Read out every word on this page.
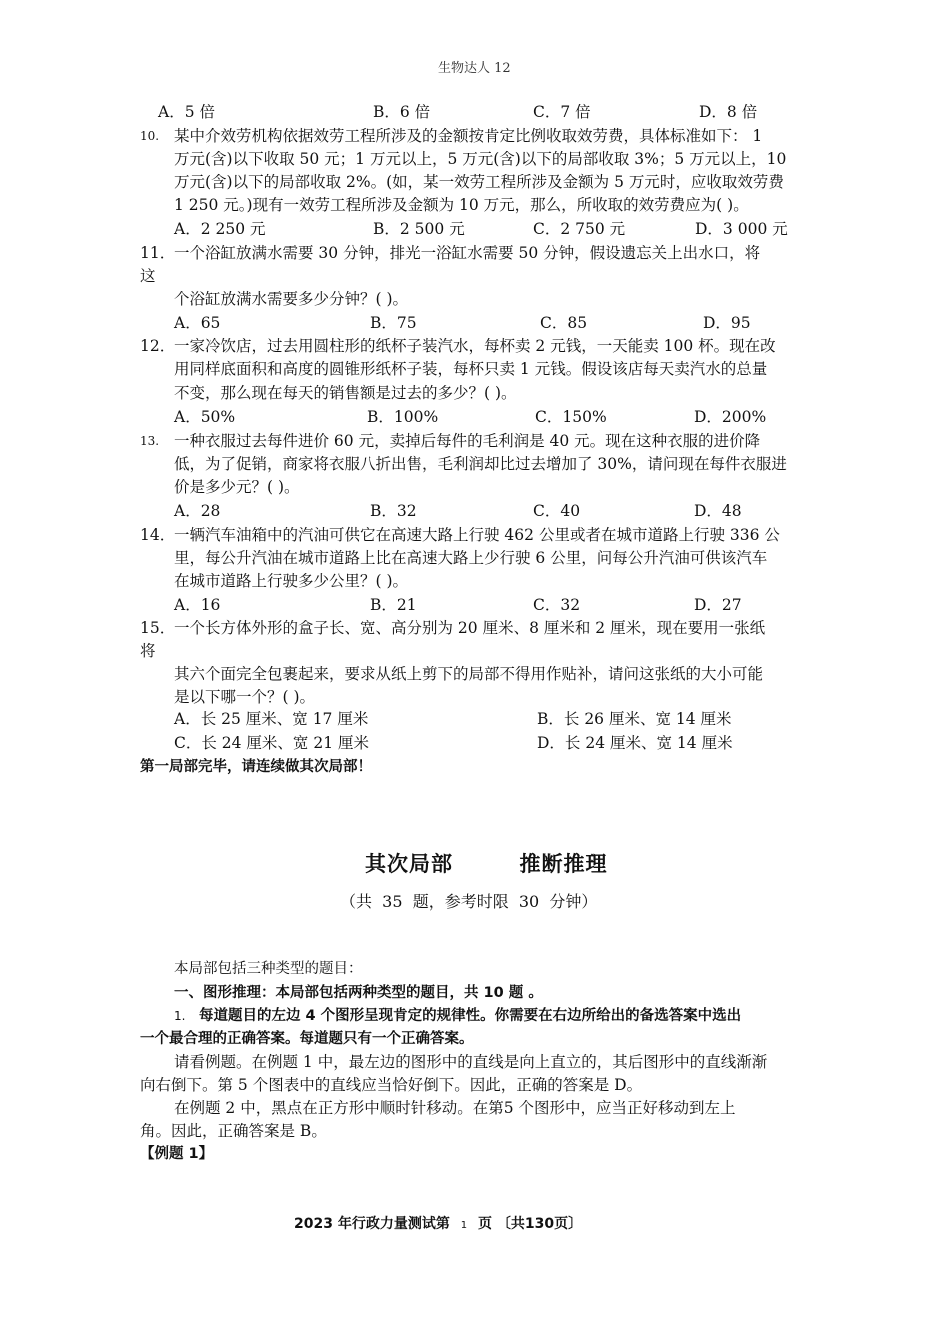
生物达人 12
A．5 倍	B．6 倍	C．7 倍	D．8 倍
10. 某中介效劳机构依据效劳工程所涉及的金额按肯定比例收取效劳费，具体标准如下： 1
万元(含)以下收取 50 元；1 万元以上，5 万元(含)以下的局部收取 3%；5 万元以上，10
万元(含)以下的局部收取 2%。(如，某一效劳工程所涉及金额为 5 万元时，应收取效劳费
1 250 元。)现有一效劳工程所涉及金额为 10 万元，那么，所收取的效劳费应为( )。
A．2 250 元	B．2 500 元	C．2 750 元	D．3 000 元
11．
一个浴缸放满水需要 30 分钟，排光一浴缸水需要 50 分钟，假设遗忘关上出水口，将
这
个浴缸放满水需要多少分钟？( )。
A．65	B．75	C．85	D．95
12．
一家冷饮店，过去用圆柱形的纸杯子装汽水，每杯卖 2 元钱，一天能卖 100 杯。现在改
用同样底面积和高度的圆锥形纸杯子装，每杯只卖 1 元钱。假设该店每天卖汽水的总量
不变，那么现在每天的销售额是过去的多少？( )。
A．50%	B．100%	C．150%	D．200%
13. 一种衣服过去每件进价 60 元，卖掉后每件的毛利润是 40 元。现在这种衣服的进价降
低，为了促销，商家将衣服八折出售，毛利润却比过去增加了 30%，请问现在每件衣服进
价是多少元？( )。
A．28	B．32	C．40	D．48
14．
一辆汽车油箱中的汽油可供它在高速大路上行驶 462 公里或者在城市道路上行驶 336 公
里，每公升汽油在城市道路上比在高速大路上少行驶 6 公里，问每公升汽油可供该汽车
在城市道路上行驶多少公里？( )。
A．16	B．21	C．32	D．27
15．
一个长方体外形的盒子长、宽、高分别为 20 厘米、8 厘米和 2 厘米，现在要用一张纸
将
其六个面完全包裹起来，要求从纸上剪下的局部不得用作贴补，请问这张纸的大小可能
是以下哪一个？( )。
A．长 25 厘米、宽 17 厘米	B．长 26 厘米、宽 14 厘米
C．长 24 厘米、宽 21 厘米	D．长 24 厘米、宽 14 厘米
第一局部完毕，请连续做其次局部！
其次局部        推断推理
（共  35  题，参考时限  30  分钟）
本局部包括三种类型的题目：
一、图形推理：本局部包括两种类型的题目，共 10 题 。
1. 每道题目的左边 4 个图形呈现肯定的规律性。你需要在右边所给出的备选答案中选出
一个最合理的正确答案。每道题只有一个正确答案。
请看例题。在例题 1 中，最左边的图形中的直线是向上直立的，其后图形中的直线渐渐
向右倒下。第 5 个图表中的直线应当恰好倒下。因此，正确的答案是 D。
在例题 2 中，黑点在正方形中顺时针移动。在第5 个图形中，应当正好移动到左上
角。因此，正确答案是 B。
【例题 1】
2023 年行政力量测试第 1 页 〔共130页〕
